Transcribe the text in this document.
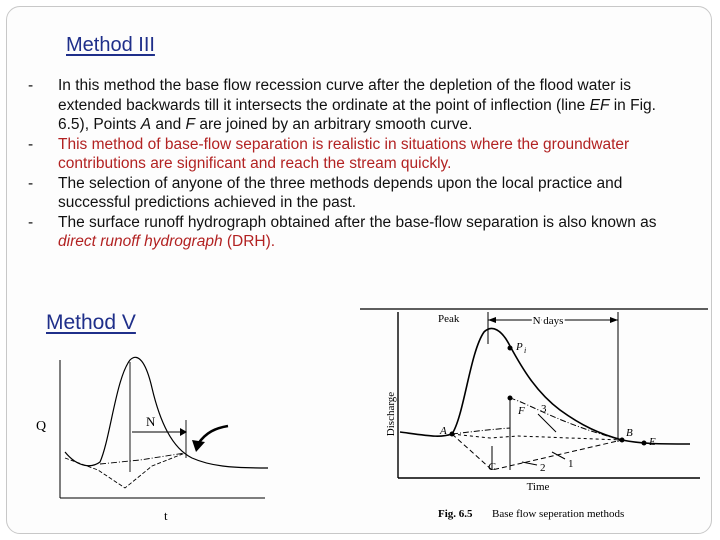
Method III
-	In this method the base flow recession curve after the depletion of the flood water is extended backwards till it intersects the ordinate at the point of inflection (line EF in Fig. 6.5), Points A and F are joined by an arbitrary smooth curve.
-	This method of base-flow separation is realistic in situations where the groundwater contributions are significant and reach the stream quickly.
-	The selection of anyone of the three methods depends upon the local practice and successful predictions achieved in the past.
-	The surface runoff hydrograph obtained after the base-flow separation is also known as direct runoff hydrograph (DRH).
Method V
Q
t
N	Discharge
Time
Peak	N days
P i
A	B
C
E
F 3
1
2
Fig. 6.5 Base flow seperation methods
